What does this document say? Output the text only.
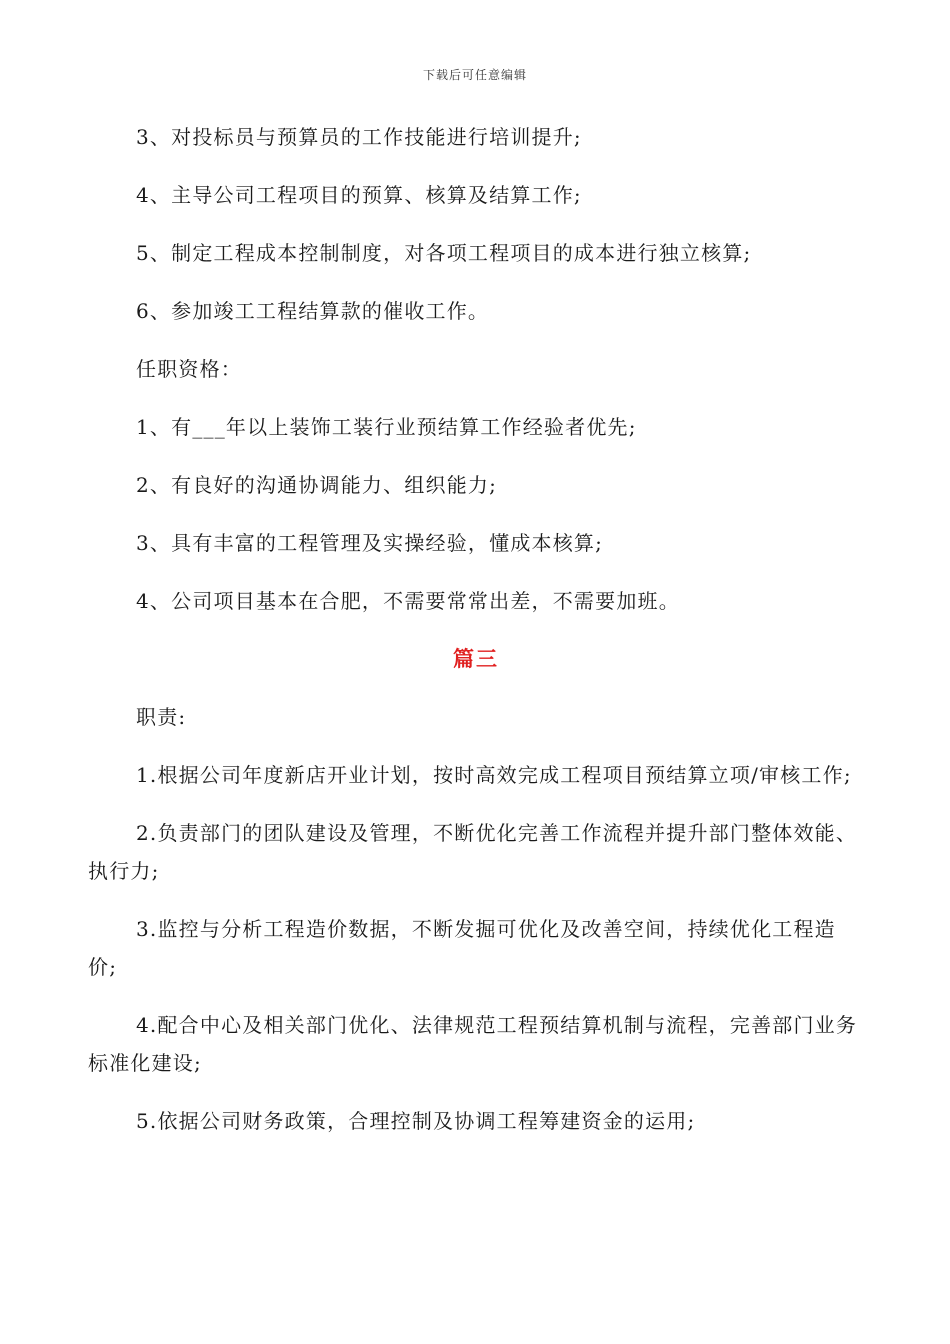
下载后可任意编辑

3、对投标员与预算员的工作技能进行培训提升;

4、主导公司工程项目的预算、核算及结算工作;

5、制定工程成本控制制度，对各项工程项目的成本进行独立核算;

6、参加竣工工程结算款的催收工作。

任职资格：

1、有___年以上装饰工装行业预结算工作经验者优先;

2、有良好的沟通协调能力、组织能力;

3、具有丰富的工程管理及实操经验，懂成本核算;

4、公司项目基本在合肥，不需要常常出差，不需要加班。

篇三

职责:

1.根据公司年度新店开业计划，按时高效完成工程项目预结算立项/审核工作;

2.负责部门的团队建设及管理，不断优化完善工作流程并提升部门整体效能、执行力;

3.监控与分析工程造价数据，不断发掘可优化及改善空间，持续优化工程造价;

4.配合中心及相关部门优化、法律规范工程预结算机制与流程，完善部门业务标准化建设;

5.依据公司财务政策，合理控制及协调工程筹建资金的运用;
